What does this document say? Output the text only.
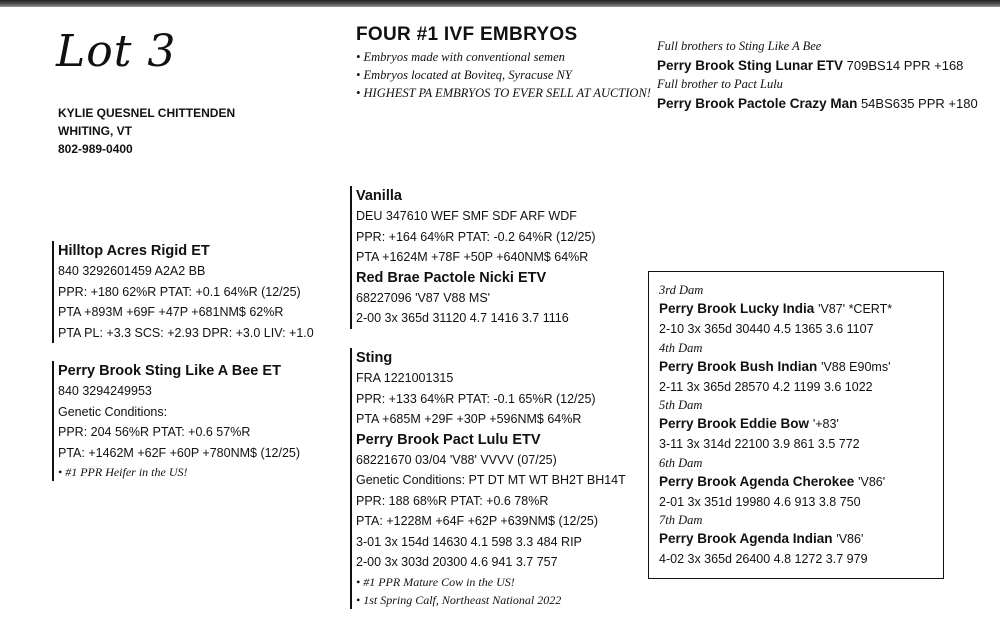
Lot 3
KYLIE QUESNEL CHITTENDEN
WHITING, VT
802-989-0400
FOUR #1 IVF EMBRYOS
• Embryos made with conventional semen
• Embryos located at Boviteq, Syracuse NY
• HIGHEST PA EMBRYOS TO EVER SELL AT AUCTION!
Full brothers to Sting Like A Bee
Perry Brook Sting Lunar ETV 709BS14 PPR +168
Full brother to Pact Lulu
Perry Brook Pactole Crazy Man 54BS635 PPR +180
Hilltop Acres Rigid ET
840 3292601459 A2A2 BB
PPR: +180 62%R PTAT: +0.1 64%R (12/25)
PTA +893M +69F +47P +681NM$ 62%R
PTA PL: +3.3 SCS: +2.93 DPR: +3.0 LIV: +1.0
Perry Brook Sting Like A Bee ET
840 3294249953
Genetic Conditions:
PPR: 204 56%R PTAT: +0.6 57%R
PTA: +1462M +62F +60P +780NM$ (12/25)
• #1 PPR Heifer in the US!
Vanilla
DEU 347610 WEF SMF SDF ARF WDF
PPR: +164 64%R PTAT: -0.2 64%R (12/25)
PTA +1624M +78F +50P +640NM$ 64%R
Red Brae Pactole Nicki ETV
68227096 'V87 V88 MS'
2-00 3x 365d 31120 4.7 1416 3.7 1116
Sting
FRA 1221001315
PPR: +133 64%R PTAT: -0.1 65%R (12/25)
PTA +685M +29F +30P +596NM$ 64%R
Perry Brook Pact Lulu ETV
68221670 03/04 'V88' VVVV (07/25)
Genetic Conditions: PT DT MT WT BH2T BH14T
PPR: 188 68%R PTAT: +0.6 78%R
PTA: +1228M +64F +62P +639NM$ (12/25)
3-01 3x 154d 14630 4.1 598 3.3 484 RIP
2-00 3x 303d 20300 4.6 941 3.7 757
• #1 PPR Mature Cow in the US!
• 1st Spring Calf, Northeast National 2022
3rd Dam
Perry Brook Lucky India 'V87' *CERT*
2-10 3x 365d 30440 4.5 1365 3.6 1107
4th Dam
Perry Brook Bush Indian 'V88 E90ms'
2-11 3x 365d 28570 4.2 1199 3.6 1022
5th Dam
Perry Brook Eddie Bow '+83'
3-11 3x 314d 22100 3.9 861 3.5 772
6th Dam
Perry Brook Agenda Cherokee 'V86'
2-01 3x 351d 19980 4.6 913 3.8 750
7th Dam
Perry Brook Agenda Indian 'V86'
4-02 3x 365d 26400 4.8 1272 3.7 979
